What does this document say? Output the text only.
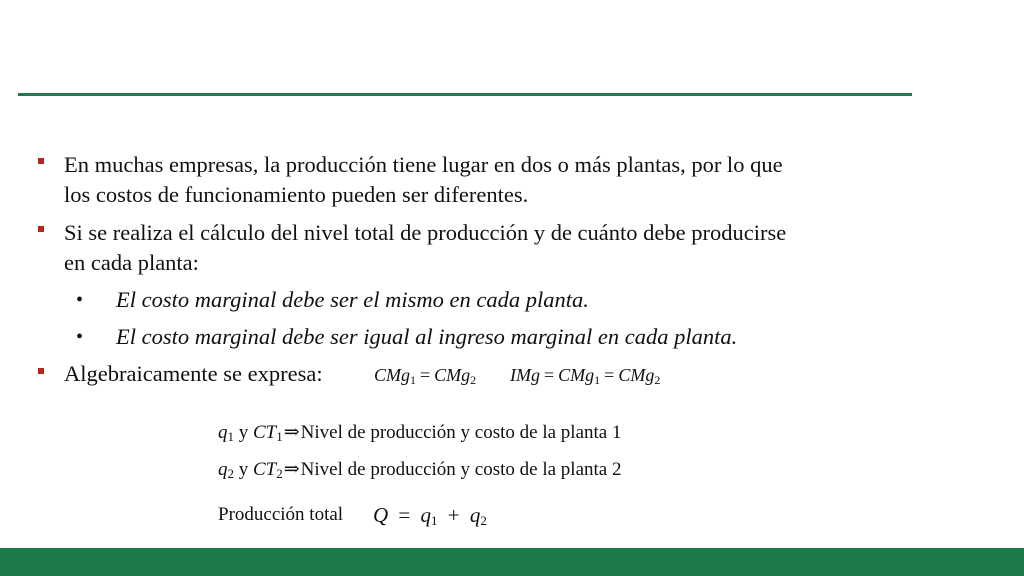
En muchas empresas, la producción tiene lugar en dos o más plantas, por lo que
los costos de funcionamiento pueden ser diferentes.
Si se realiza el cálculo del nivel total de producción y de cuánto debe producirse
en cada planta:
• El costo marginal debe ser el mismo en cada planta.
• El costo marginal debe ser igual al ingreso marginal en cada planta.
Algebraicamente se expresa:	CMg$_1$ = CMg$_2$ IMg = CMg$_1$ = CMg$_2$
$q_1$ y $CT_1\Rightarrow Nivel$ de producción y costo de la planta 1
$q_2$ y $CT_2\Rightarrow Nivel$ de producción y costo de la planta 2
Producción total $Q = q_1 + q_2$
